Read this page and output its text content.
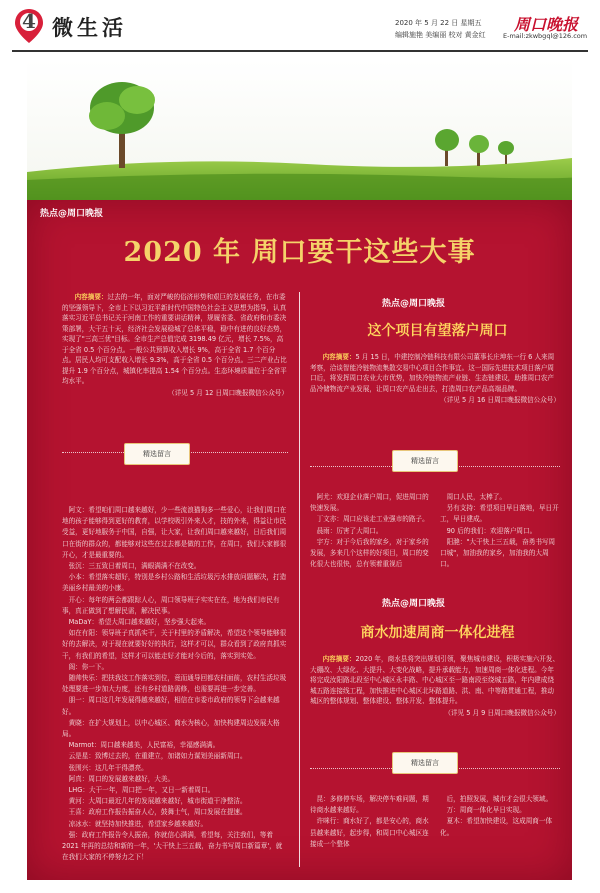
4 微生活	2020 年 5 月 22 日 星期五
编辑施艳 美编丽 校对 黄金红
周口晚报
E-mail:zkwbgql@126.com
热点@周口晚报
2020 年 周口要干这些大事

内容摘要：过去的一年，面对严峻的俗济形势和艰巨的发展任务，在市委的坚强领导下，全市上下以习近平新时代中国特色社会主义思想为指导，认真落实习近平总书记关于河南工作的重要讲话精神，规履省委、省政府和市委决策部署，大干五十天，经济社会发展稳城了总体平稳，稳中有进的良好态势，实现了"三高三优"目标。全市生产总值完成 3198.49 亿元，增长 7.5%，高于全省 0.5 个百分点。一般公共预算收入增长 9%，高于全省 1.7 个百分点。居民人均可支配收入增长 9.3%，高于全省 0.5 个百分点。三二产业占比提升 1.9 个百分点，城镇化率提高 1.54 个百分点。生态环境质量位于全省平均水平。

（详见 5 月 12 日周口晚报微信公众号）
精选留言

　阿文：希望咱们周口越来越好，少一些流浪猫狗多一些爱心，让我们周口在地的孩子能够得到更好的教育，以学校吸引外来人才，技的外来，得益让市民受益，更好地服务于中国，自强，让大家，让我们周口越来越好，日后我们周口在街的群众的，都能够对这些在过去都是做的工作，在周口，我们大家都很开心，才是最重要的。

　张沉：三五致日着周口，满眼满满不在改变。

　小本：希望落实超好，特别是乡村公路和生活垃圾污水排放问题解决，打造美丽乡村最美的小康。

　开心：每年的两会都跟踪人心，周口领导班子实实在在，地为我们市民有事，真正做到了想解民需，解决民事。

　MaDaY：希望大周口越来越好，坚步强大起来。

　如在有阳：领导班子真抓实干，关于村里的矛盾解决，希望这个领导能够很好的去解决，对于现在就要好好的执行，这样才可以，群众看到了政府真抓实干，有我们的希望，这样才可以能走好才能对今后的，落实到实处。

　阁：你一下。

　随帅快乐：把扶我这工作落实到位，竟而通导回都农村面前，农村生活垃圾处理要进一步加大力度，还有乡村道路需修，也需要再进一步完善。

　朋一：周口这几年发展得越来越好，相信在市委市政府的领导下会越来越好。

　黄晓：在扩大规划上，以中心城区、商水为核心，加快构建周边发展大格局。

　Marmot：周口越来越美，人民富裕，幸福感满满。

　云是星：致博过去的，在重建立，加诸如力谋划美丽新周口。

　张围兴：这几年干得漂亮。

　阿真：周口的发展越来越好，大美。

　LHG：大干一年，周口把一年，又日一新着周口。

　黄河：大周口最近几年的发展越来越好，城市街道干净整洁。

　王喜：政府工作报告振奋人心，鼓舞士气，周口发展在提速。

　凉冰水：就坚持加快推进，希望家乡越来越好。

　强：政府工作报告令人振奋，你就信心满满，希望每，关注我们，等着 2021 年再的总结和新的一年，'大干快上三五载，奋力书写周口新篇章'，就在我们大家的不停努力之下！

热点@周口晚报
这个项目有望落户周口

内容摘要：5 月 15 日，中建控制冷链科技有限公司董事长庄坤东一行 6 人来周考察，洽谈智能冷链物流集散交易中心项目合作事宜。这一国际先进技术项目落户周口后，将发挥周口农业大市优势，加快冷链物流产业链、生态链建设，助推周口农产品冷储物流产业发展，让周口农产品走出去，打造周口农产品高端品牌。

（详见 5 月 16 日周口晚报微信公众号）
精选留言

　阿尤：欢迎企业落户周口，促进周口的快速发展。

　丁文亦：周口应该走工业强市的路子。

　晨雨：厉害了大周口。

　宇方：对于今后我的家乡，对于家乡的发展，多来几个这样的好项目，周口的变化很大也很快，总有领着重视后

　周口人民，太棒了。

　另有支持：希望项目早日落地，早日开工，早日建成。

　90 后的我们：欢迎落户周口。

　阳滟："大干快上三五载，奋勇书写周口城"，加油我的家乡，加油我的大周口。

热点@周口晚报
商水加速周商一体化进程

内容摘要：2020 年，商水县将突出规划引领，聚焦城市建设，积极实施六开发、大棚改、大绿化、大提升、大变化战略，提升承载能力，加速周商一体化进程。今年将完成汝阳路北段至中心城区永丰路、中心城区至一路南段至绕城五路，年内建成绕城五路连接线工程，加快推进中心城区北环路道路、洪、南、中等路贯通工程，推动城区的整体规划、整体建设、整体开发、整体提升。

（详见 5 月 9 日周口晚报微信公众号）
精选留言

　昆：多修停车场，解决停车难问题，期待商水越来越好。

　许咪行：商水好了，都是安心的，商水县越来越好，起步得，和周口中心城区连接成一个整体

　后，拍照发展，城市才会很大领域。

　万：周商一体化早日实现。

　夏木：希望加快建设，这成周商一体化。
